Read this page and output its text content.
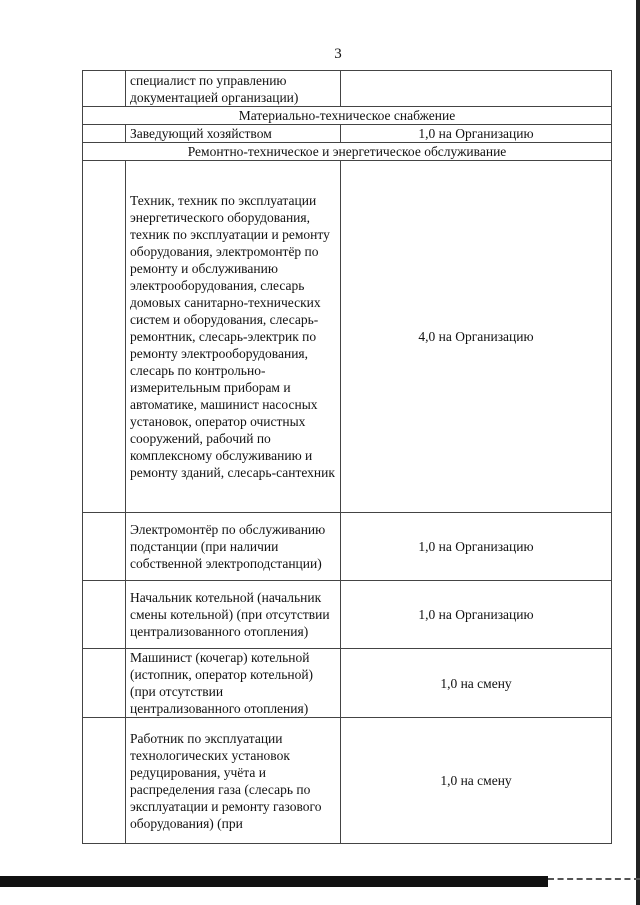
3
	специалист по управлению документацией организации)	
Материально-техническое снабжение		
	Заведующий хозяйством	1,0 на Организацию
Ремонтно-техническое и энергетическое обслуживание		
	Техник, техник по эксплуатации энергетического оборудования, техник по эксплуатации и ремонту оборудования, электромонтёр по ремонту и обслуживанию электрооборудования, слесарь домовых санитарно-технических систем и оборудования, слесарь-ремонтник, слесарь-электрик по ремонту электрооборудования, слесарь по контрольно-измерительным приборам и автоматике, машинист насосных установок, оператор очистных сооружений, рабочий по комплексному обслуживанию и ремонту зданий, слесарь-сантехник	4,0 на Организацию
	Электромонтёр по обслуживанию подстанции (при наличии собственной электроподстанции)	1,0 на Организацию
	Начальник котельной (начальник смены котельной) (при отсутствии централизованного отопления)	1,0 на Организацию
	Машинист (кочегар) котельной (истопник, оператор котельной) (при отсутствии централизованного отопления)	1,0 на смену
	Работник по эксплуатации технологических установок редуцирования, учёта и распределения газа (слесарь по эксплуатации и ремонту газового оборудования) (при	1,0 на смену
